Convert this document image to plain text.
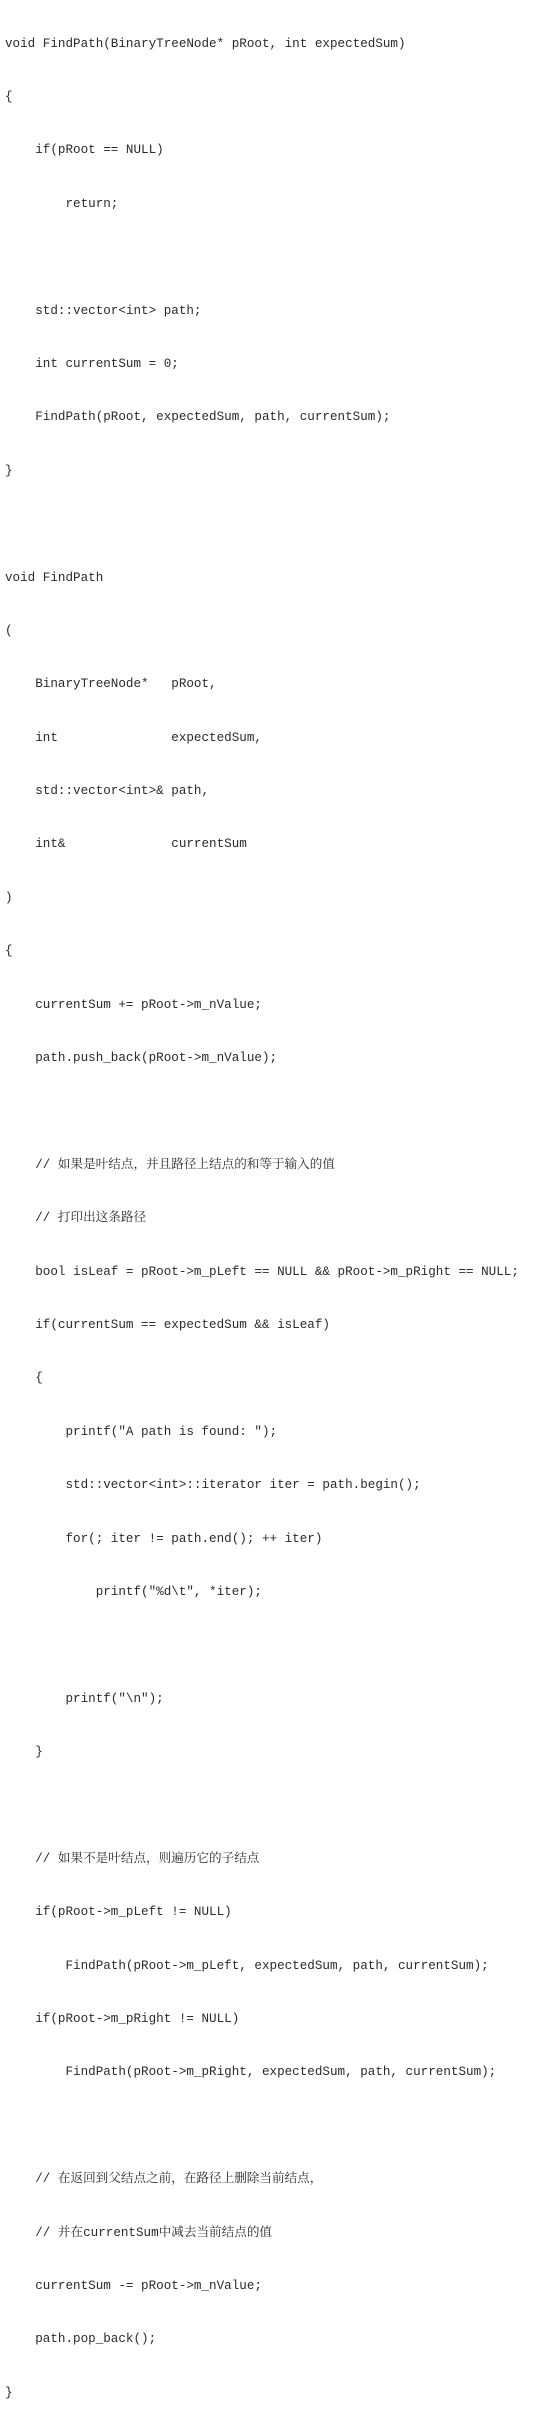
void FindPath(BinaryTreeNode* pRoot, int expectedSum)

{

if(pRoot == NULL)

return;

std::vector<int> path;

int currentSum = 0;

FindPath(pRoot, expectedSum, path, currentSum);

}

void FindPath

(

BinaryTreeNode*   pRoot,

int               expectedSum,

std::vector<int>& path,

int&              currentSum

)

{

currentSum += pRoot->m_nValue;

path.push_back(pRoot->m_nValue);

// 如果是叶结点，并且路径上结点的和等于输入的值

// 打印出这条路径

bool isLeaf = pRoot->m_pLeft == NULL && pRoot->m_pRight == NULL;

if(currentSum == expectedSum && isLeaf)

{

printf("A path is found: ");

std::vector<int>::iterator iter = path.begin();

for(; iter != path.end(); ++ iter)

printf("%d\t", *iter);

printf("\n");

}

// 如果不是叶结点，则遍历它的子结点

if(pRoot->m_pLeft != NULL)

FindPath(pRoot->m_pLeft, expectedSum, path, currentSum);

if(pRoot->m_pRight != NULL)

FindPath(pRoot->m_pRight, expectedSum, path, currentSum);

// 在返回到父结点之前，在路径上删除当前结点，

// 并在currentSum中减去当前结点的值

currentSum -= pRoot->m_nValue;

path.pop_back();

}
